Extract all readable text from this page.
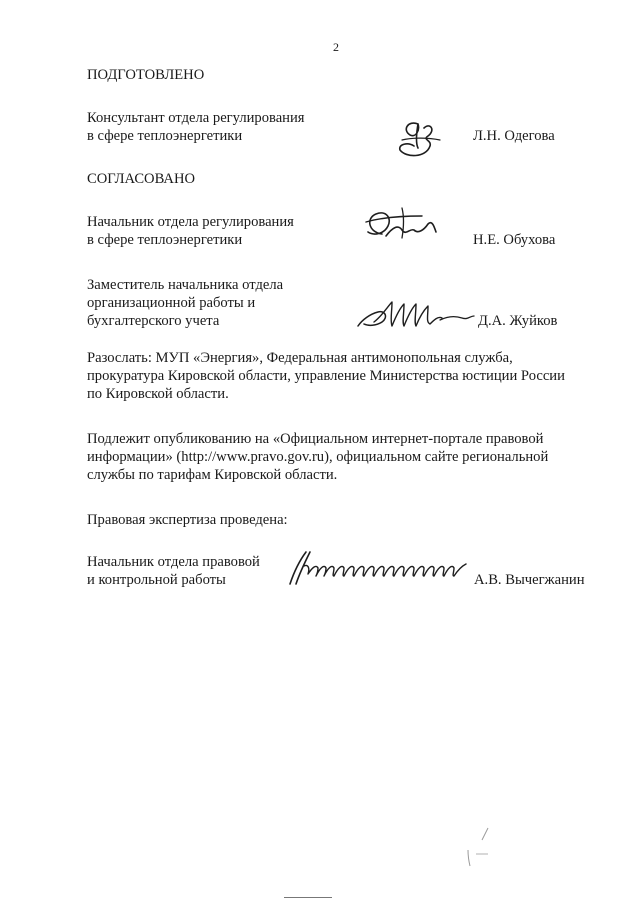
2
ПОДГОТОВЛЕНО
Консультант отдела регулирования
в сфере теплоэнергетики	Л.Н. Одегова
СОГЛАСОВАНО
Начальник отдела регулирования
в сфере теплоэнергетики	Н.Е. Обухова
Заместитель начальника отдела
организационной работы и
бухгалтерского учета	Д.А. Жуйков
Разослать: МУП «Энергия», Федеральная антимонопольная служба,
прокуратура Кировской области, управление Министерства юстиции России
по Кировской области.
Подлежит опубликованию на «Официальном интернет-портале правовой
информации» (http://www.pravo.gov.ru), официальном сайте региональной
службы по тарифам Кировской области.
Правовая экспертиза проведена:
Начальник отдела правовой
и контрольной работы	А.В. Вычегжанин
